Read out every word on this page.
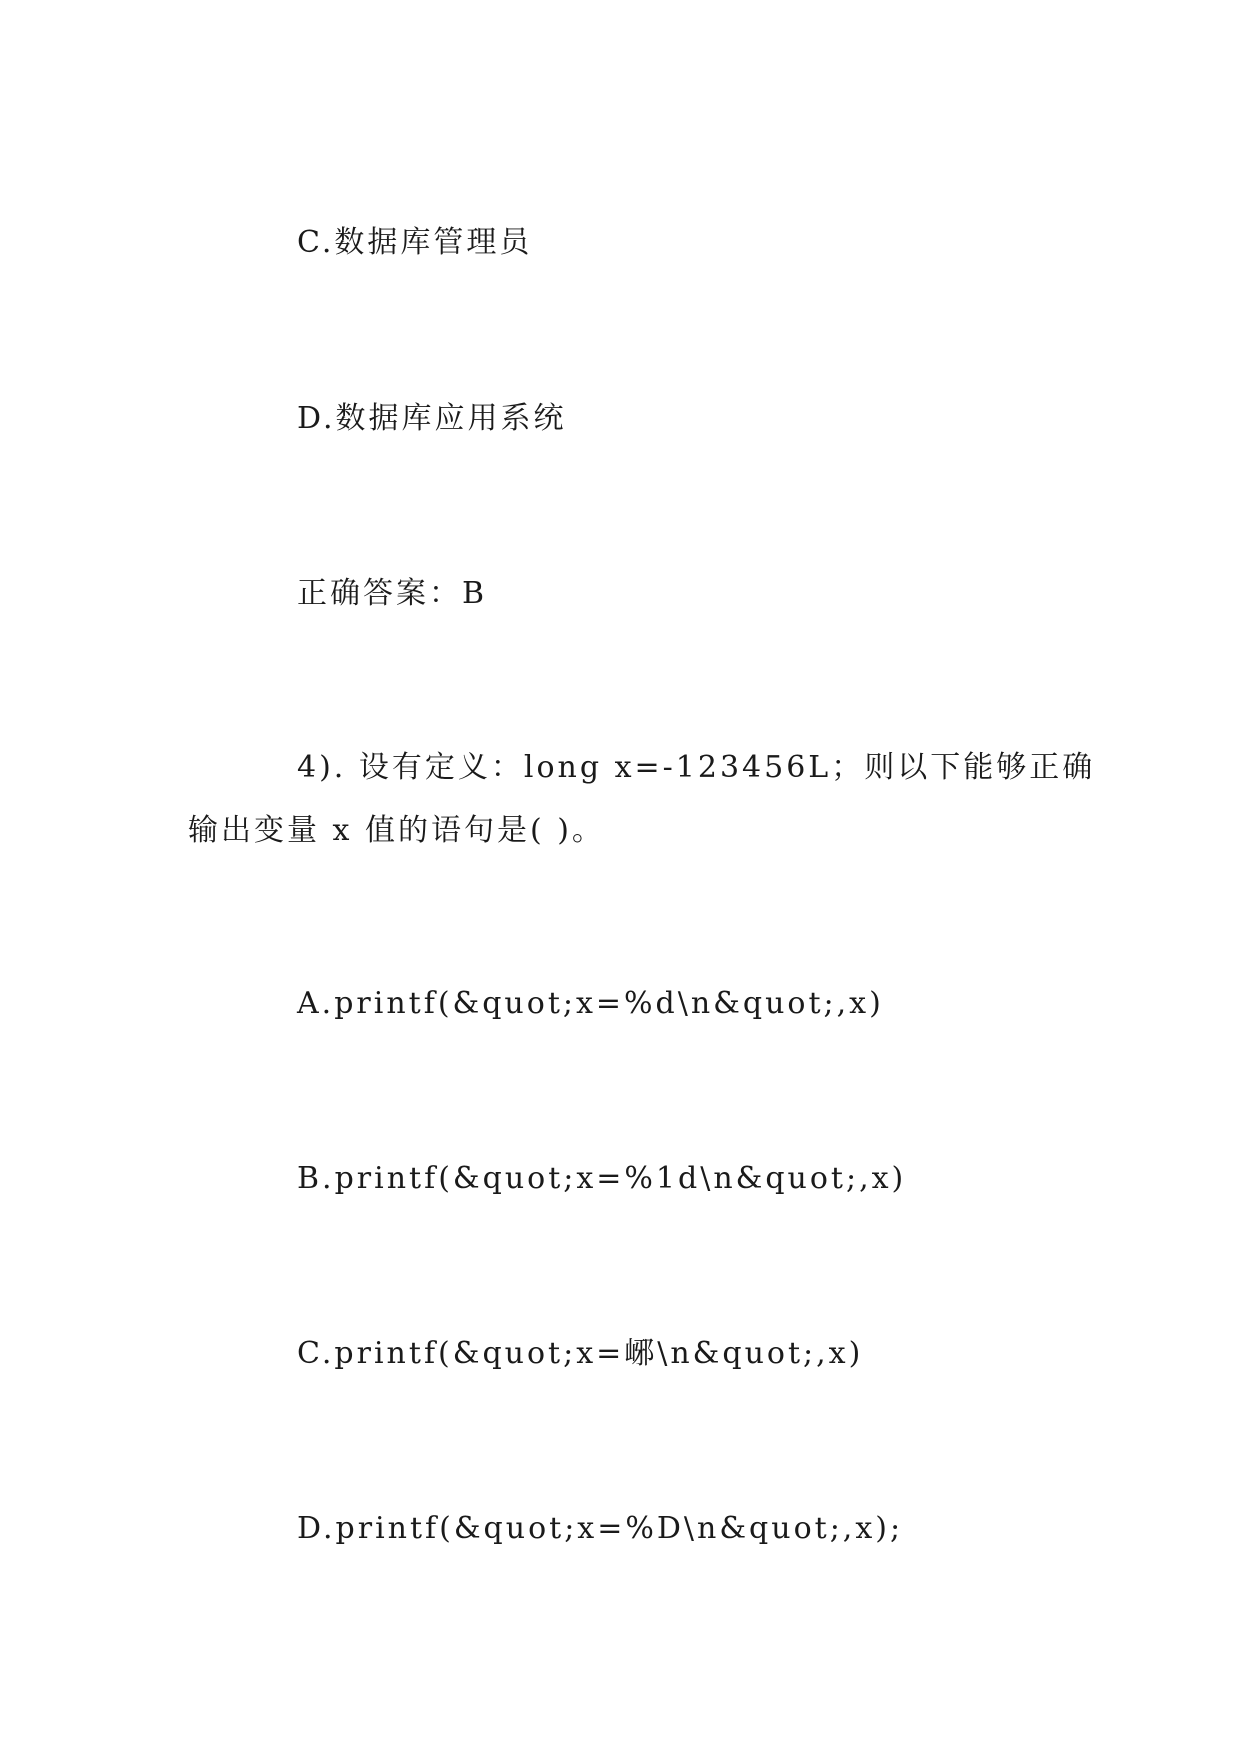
C.数据库管理员

D.数据库应用系统

正确答案：B

4). 设有定义：long x=-123456L；则以下能够正确

输出变量 x 值的语句是( )。

A.printf(&quot;x=%d\n&quot;,x)

B.printf(&quot;x=%1d\n&quot;,x)

C.printf(&quot;x=峫\n&quot;,x)

D.printf(&quot;x=%D\n&quot;,x);
